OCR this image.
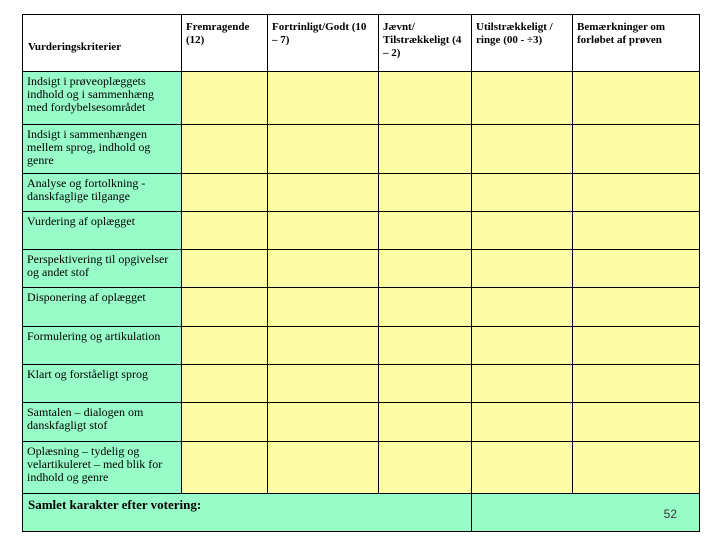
Vurderingskriterier	Fremragende (12)	Fortrinligt/Godt (10 – 7)	Jævnt/ Tilstrækkeligt (4 – 2)	Utilstrækkeligt / ringe (00 - ÷3)	Bemærkninger om forløbet af prøven

Indsigt i prøveoplæggets indhold og i sammenhæng med fordybelsesområdet					

Indsigt i sammenhængen mellem sprog, indhold og genre					

Analyse og fortolkning - danskfaglige tilgange					

Vurdering af oplægget					

Perspektivering til opgivelser og andet stof					

Disponering af oplægget					

Formulering og artikulation					

Klart og forståeligt sprog					

Samtalen – dialogen om danskfagligt stof					

Oplæsning – tydelig og velartikuleret – med blik for indhold og genre					

Samlet karakter efter votering:					

52
